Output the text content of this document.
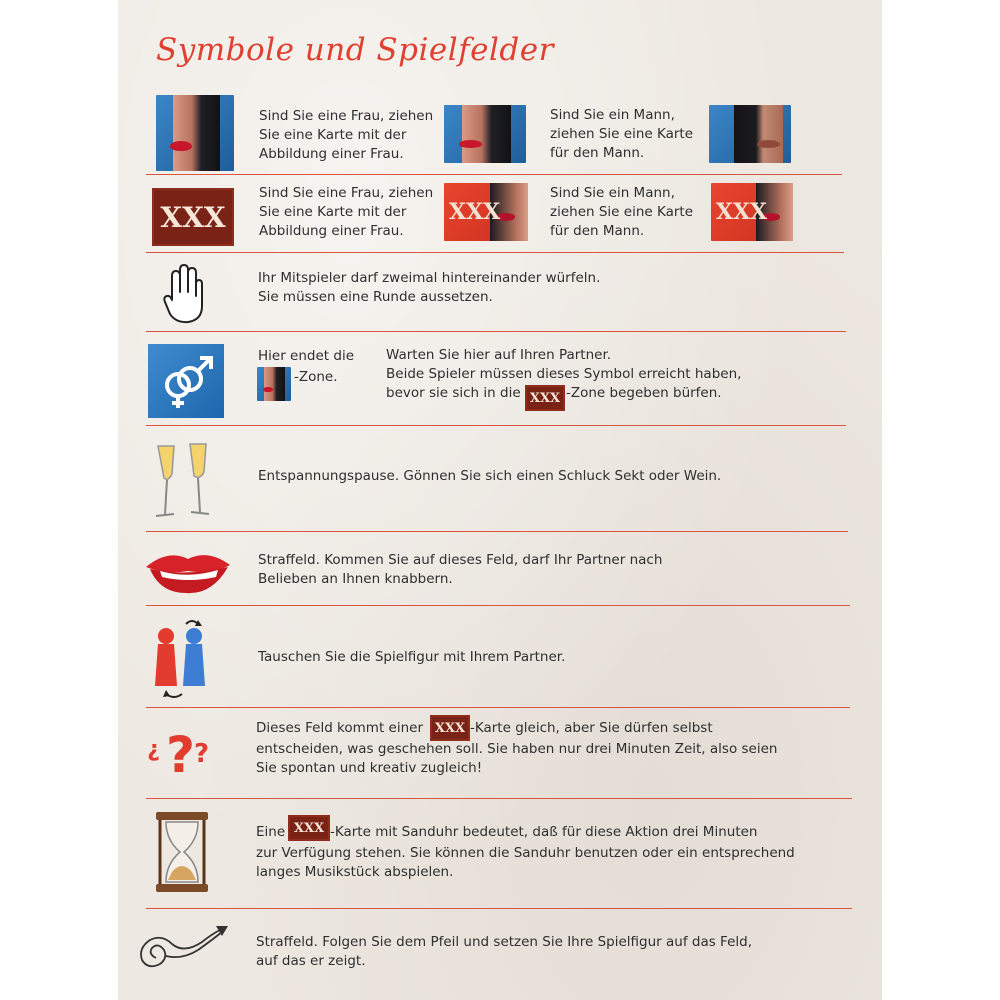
Symbole und Spielfelder
Sind Sie eine Frau, ziehen
Sie eine Karte mit der
Abbildung einer Frau.
Sind Sie ein Mann,
ziehen Sie eine Karte
für den Mann.
XXX
Sind Sie eine Frau, ziehen
Sie eine Karte mit der
Abbildung einer Frau.
XXX
Sind Sie ein Mann,
ziehen Sie eine Karte
für den Mann.
XXX
Ihr Mitspieler darf zweimal hintereinander würfeln.
Sie müssen eine Runde aussetzen.
Hier endet die
-Zone.
Warten Sie hier auf Ihren Partner.
Beide Spieler müssen dieses Symbol erreicht haben,
bevor sie sich in die XXX -Zone begeben bürfen.
Entspannungspause. Gönnen Sie sich einen Schluck Sekt oder Wein.
Straffeld. Kommen Sie auf dieses Feld, darf Ihr Partner nach
Belieben an Ihnen knabbern.
Tauschen Sie die Spielfigur mit Ihrem Partner.
?
?
?
Dieses Feld kommt einer XXX -Karte gleich, aber Sie dürfen selbst
entscheiden, was geschehen soll. Sie haben nur drei Minuten Zeit, also seien
Sie spontan und kreativ zugleich!
Eine XXX -Karte mit Sanduhr bedeutet, daß für diese Aktion drei Minuten
zur Verfügung stehen. Sie können die Sanduhr benutzen oder ein entsprechend
langes Musikstück abspielen.
Straffeld. Folgen Sie dem Pfeil und setzen Sie Ihre Spielfigur auf das Feld,
auf das er zeigt.
